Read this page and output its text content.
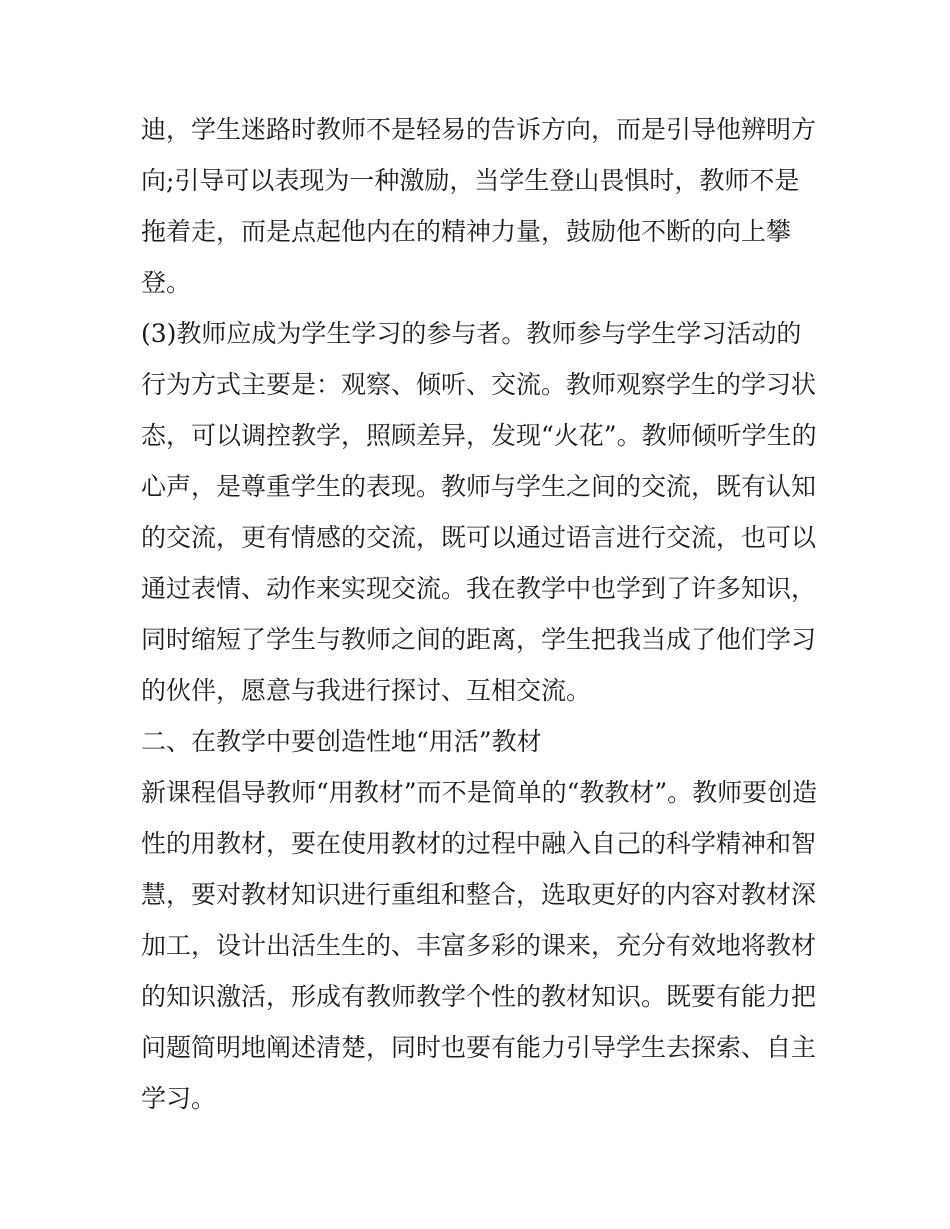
迪，学生迷路时教师不是轻易的告诉方向，而是引导他辨明方
向;引导可以表现为一种激励，当学生登山畏惧时，教师不是
拖着走，而是点起他内在的精神力量，鼓励他不断的向上攀
登。
(3)教师应成为学生学习的参与者。教师参与学生学习活动的
行为方式主要是：观察、倾听、交流。教师观察学生的学习状
态，可以调控教学，照顾差异，发现“火花”。教师倾听学生的
心声，是尊重学生的表现。教师与学生之间的交流，既有认知
的交流，更有情感的交流，既可以通过语言进行交流，也可以
通过表情、动作来实现交流。我在教学中也学到了许多知识，
同时缩短了学生与教师之间的距离，学生把我当成了他们学习
的伙伴，愿意与我进行探讨、互相交流。
二、在教学中要创造性地“用活”教材
新课程倡导教师“用教材”而不是简单的“教教材”。教师要创造
性的用教材，要在使用教材的过程中融入自己的科学精神和智
慧，要对教材知识进行重组和整合，选取更好的内容对教材深
加工，设计出活生生的、丰富多彩的课来，充分有效地将教材
的知识激活，形成有教师教学个性的教材知识。既要有能力把
问题简明地阐述清楚，同时也要有能力引导学生去探索、自主
学习。
